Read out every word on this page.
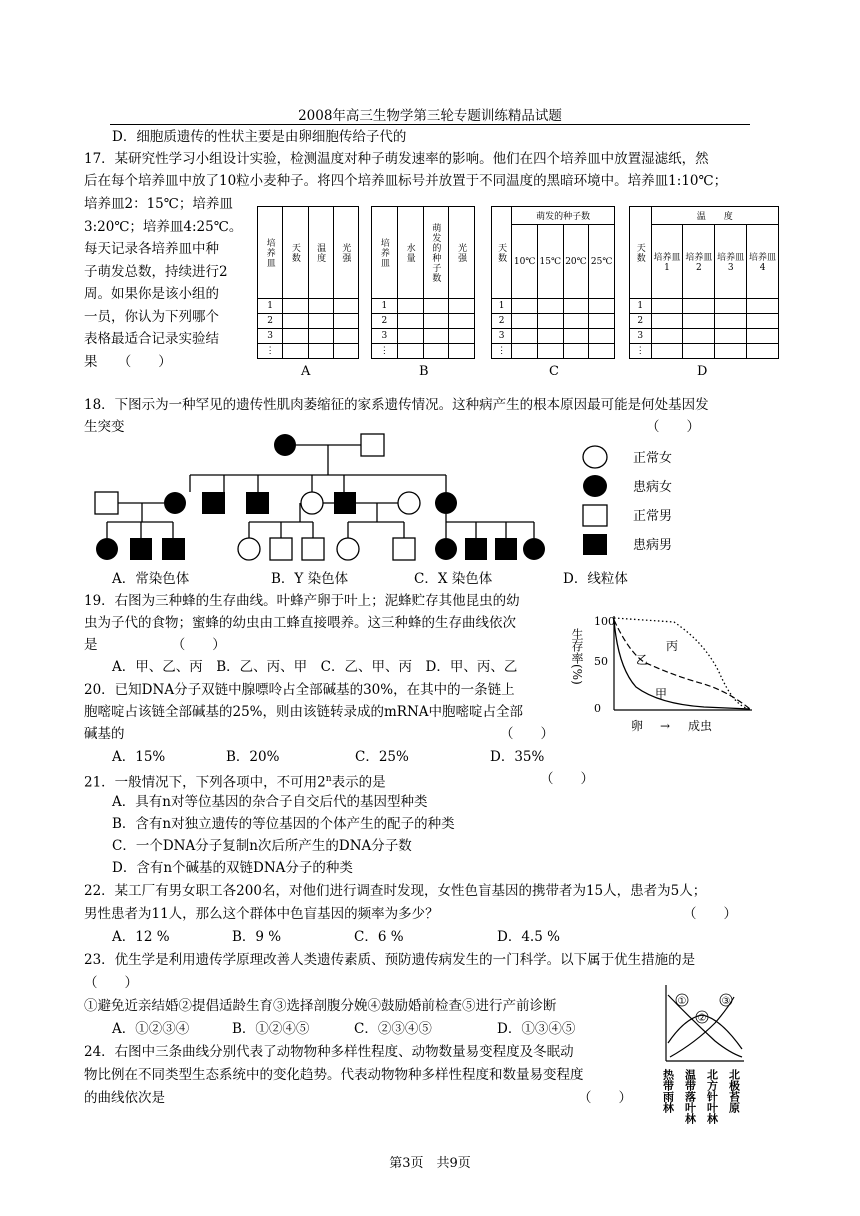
2008年高三生物学第三轮专题训练精品试题
D．细胞质遗传的性状主要是由卵细胞传给子代的
17．某研究性学习小组设计实验，检测温度对种子萌发速率的影响。他们在四个培养皿中放置湿滤纸，然
后在每个培养皿中放了10粒小麦种子。将四个培养皿标号并放置于不同温度的黑暗环境中。培养皿1:10℃；
培养皿2：15℃；培养皿
3:20℃；培养皿4:25℃。
每天记录各培养皿中种
子萌发总数，持续进行2
周。如果你是该小组的
一员，你认为下列哪个
表格最适合记录实验结
果　　（　　）
培养皿	天数	温度	光强
1			
2			
3			
⋮			
A
培养皿	水量	萌发的种子数	光强
1			
2			
3			
⋮			
B
天数	萌发的种子数			
	10℃	15℃	20℃	25℃
1				
2				
3				
⋮				
C
天数	温　　度			
	培养皿1	培养皿2	培养皿3	培养皿4
1				
2				
3				
⋮				
D
18．下图示为一种罕见的遗传性肌肉萎缩征的家系遗传情况。这种病产生的根本原因最可能是何处基因发
生突变	（　　）
正常女
患病女
正常男
患病男
A．常染色体	B．Y 染色体	C．X 染色体	D．线粒体
19．右图为三种蜂的生存曲线。叶蜂产卵于叶上；泥蜂贮存其他昆虫的幼
虫为子代的食物；蜜蜂的幼虫由工蜂直接喂养。这三种蜂的生存曲线依次
是　　　　　　（　　）
A．甲、乙、丙　B．乙、丙、甲　C．乙、甲、丙　D．甲、丙、乙
100
50
0
生存率(%)	丙
乙
甲
卵 → 成虫
20．已知DNA分子双链中腺嘌呤占全部碱基的30%，在其中的一条链上
胞嘧啶占该链全部碱基的25%，则由该链转录成的mRNA中胞嘧啶占全部
碱基的	（　　）
A．15%	B．20%	C．25%	D．35%
21．一般情况下，下列各项中，不可用2$^n$表示的是	（　　）
A．具有n对等位基因的杂合子自交后代的基因型种类
B．含有n对独立遗传的等位基因的个体产生的配子的种类
C．一个DNA分子复制n次后所产生的DNA分子数
D．含有n个碱基的双链DNA分子的种类
22．某工厂有男女职工各200名，对他们进行调查时发现，女性色盲基因的携带者为15人，患者为5人；
男性患者为11人，那么这个群体中色盲基因的频率为多少？	（　　）
A．12 %	B．9 %	C．6 %	D．4.5 %
23．优生学是利用遗传学原理改善人类遗传素质、预防遗传病发生的一门科学。以下属于优生措施的是
（　　）
①避免近亲结婚②提倡适龄生育③选择剖腹分娩④鼓励婚前检查⑤进行产前诊断
A．①②③④	B．①②④⑤	C．②③④⑤	D．①③④⑤
24．右图中三条曲线分别代表了动物物种多样性程度、动物数量易变程度及冬眠动
物比例在不同类型生态系统中的变化趋势。代表动物物种多样性程度和数量易变程度
的曲线依次是	（　　）
①
②
③
热带雨林 温带落叶林 北方针叶林 北极苔原
第3页　共9页
